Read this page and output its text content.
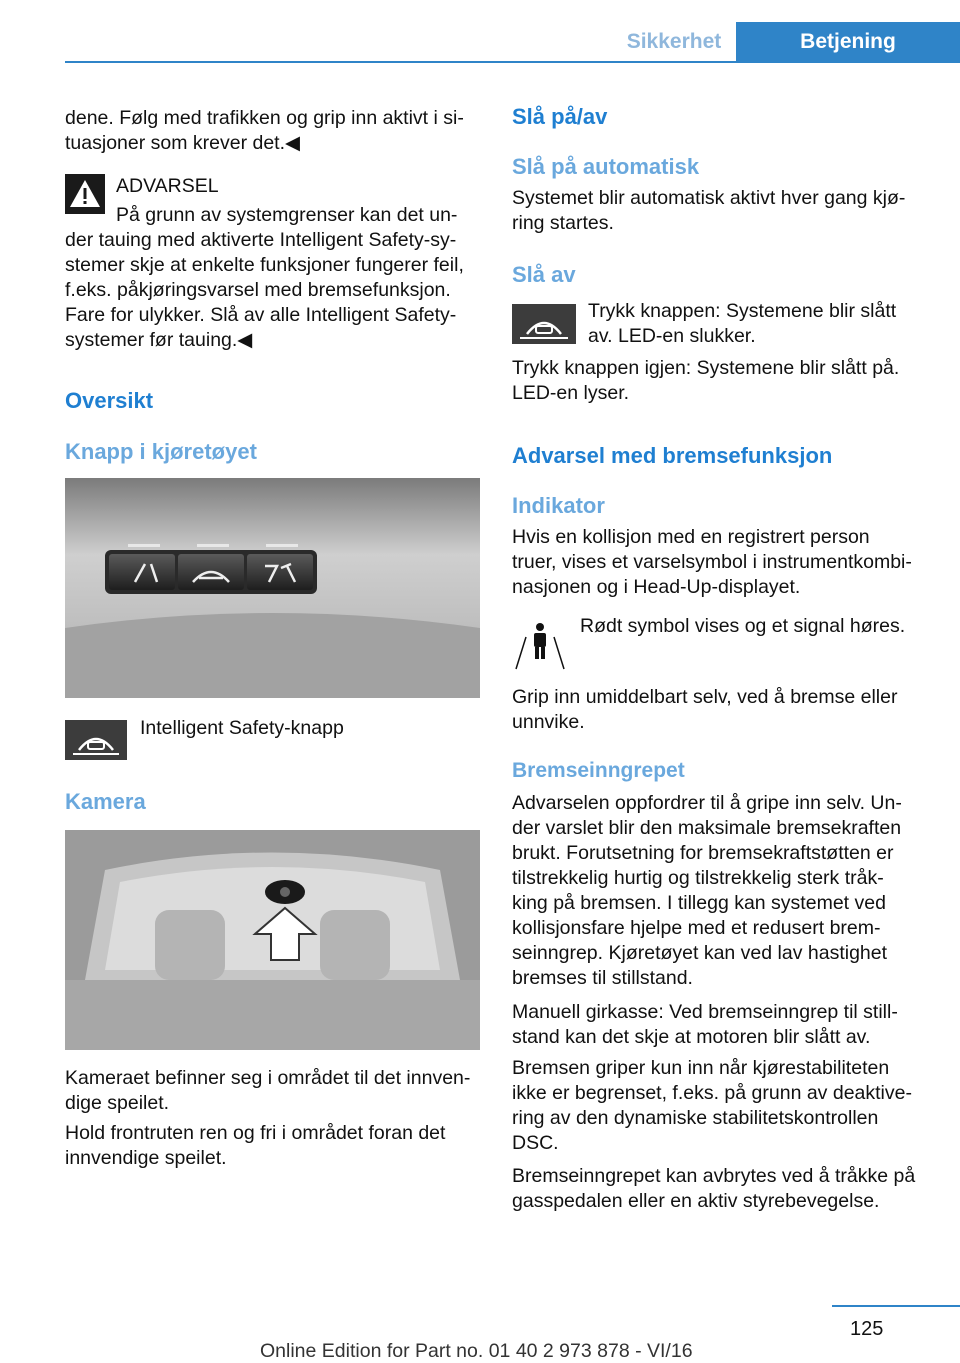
Sikkerhet	Betjening

dene. Følg med trafikken og grip inn aktivt i si‐
tuasjoner som krever det.◀

ADVARSEL

På grunn av systemgrenser kan det un‐

der tauing med aktiverte Intelligent Safety-sy‐
stemer skje at enkelte funksjoner fungerer feil,
f.eks. påkjøringsvarsel med bremsefunksjon.
Fare for ulykker. Slå av alle Intelligent Safety-
systemer før tauing.◀

Oversikt
Knapp i kjøretøyet

Intelligent Safety-knapp

Kamera

Kameraet befinner seg i området til det innven‐
dige speilet.

Hold frontruten ren og fri i området foran det
innvendige speilet.

Slå på/av
Slå på automatisk

Systemet blir automatisk aktivt hver gang kjø‐
ring startes.

Slå av

Trykk knappen: Systemene blir slått
av. LED-en slukker.

Trykk knappen igjen: Systemene blir slått på.
LED-en lyser.

Advarsel med bremsefunksjon
Indikator

Hvis en kollisjon med en registrert person
truer, vises et varselsymbol i instrumentkombi‐
nasjonen og i Head-Up-displayet.

Rødt symbol vises og et signal høres.

Grip inn umiddelbart selv, ved å bremse eller
unnvike.

Bremseinngrepet

Advarselen oppfordrer til å gripe inn selv. Un‐
der varslet blir den maksimale bremsekraften
brukt. Forutsetning for bremsekraftstøtten er
tilstrekkelig hurtig og tilstrekkelig sterk tråk‐
king på bremsen. I tillegg kan systemet ved
kollisjonsfare hjelpe med et redusert brem‐
seinngrep. Kjøretøyet kan ved lav hastighet
bremses til stillstand.

Manuell girkasse: Ved bremseinngrep til still‐
stand kan det skje at motoren blir slått av.

Bremsen griper kun inn når kjørestabiliteten
ikke er begrenset, f.eks. på grunn av deaktive‐
ring av den dynamiske stabilitetskontrollen
DSC.

Bremseinngrepet kan avbrytes ved å tråkke på
gasspedalen eller en aktiv styrebevegelse.

125
Online Edition for Part no. 01 40 2 973 878 - VI/16
